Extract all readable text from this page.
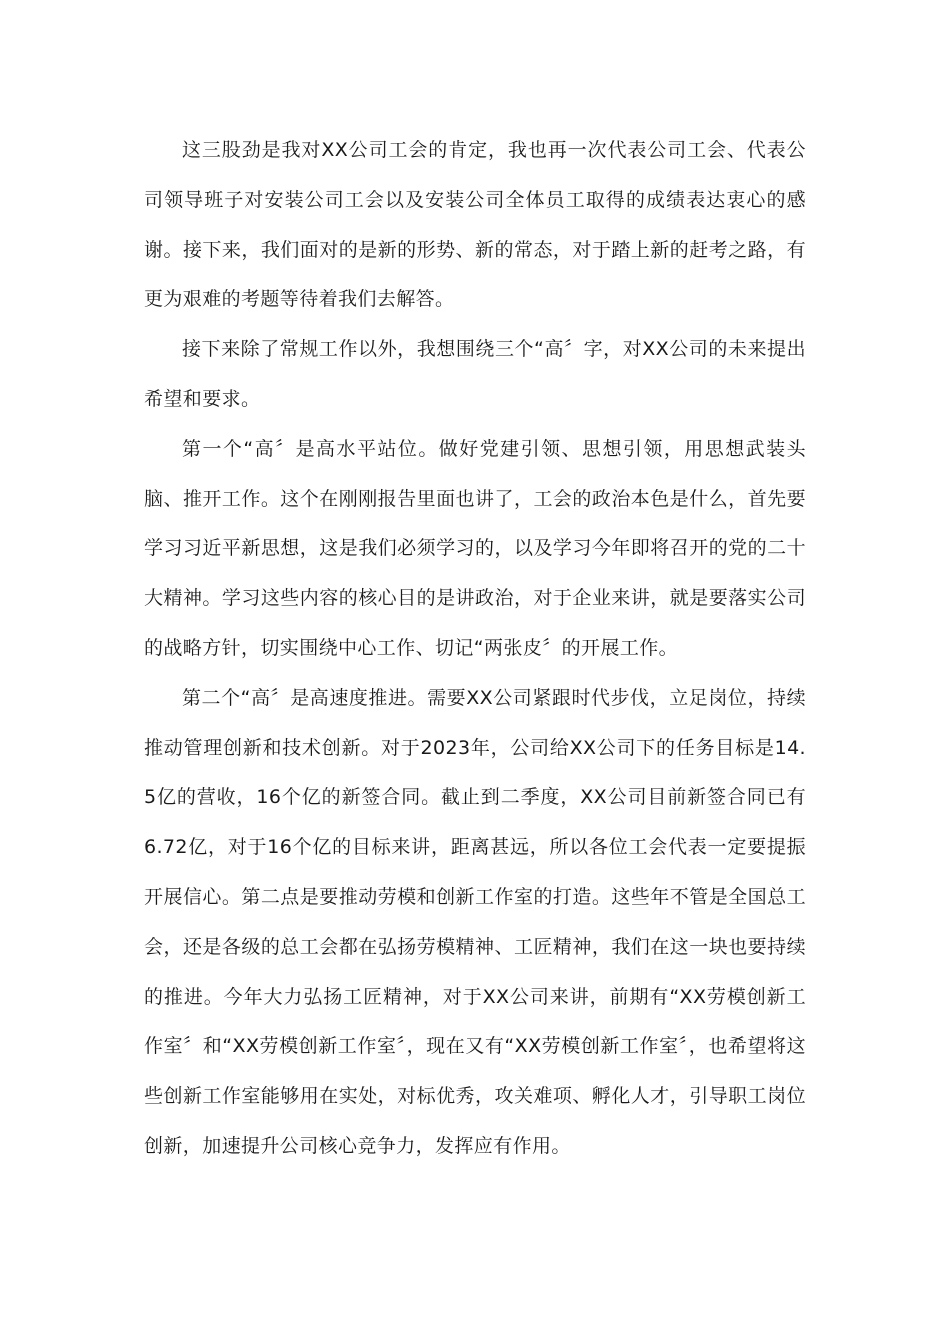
这三股劲是我对XX公司工会的肯定，我也再一次代表公司工会、代表公司领导班子对安装公司工会以及安装公司全体员工取得的成绩表达衷心的感谢。接下来，我们面对的是新的形势、新的常态，对于踏上新的赶考之路，有更为艰难的考题等待着我们去解答。

接下来除了常规工作以外，我想围绕三个“高〞字，对XX公司的未来提出希望和要求。

第一个“高〞是高水平站位。做好党建引领、思想引领，用思想武装头脑、推开工作。这个在刚刚报告里面也讲了，工会的政治本色是什么，首先要学习习近平新思想，这是我们必须学习的，以及学习今年即将召开的党的二十大精神。学习这些内容的核心目的是讲政治，对于企业来讲，就是要落实公司的战略方针，切实围绕中心工作、切记“两张皮〞的开展工作。

第二个“高〞是高速度推进。需要XX公司紧跟时代步伐，立足岗位，持续推动管理创新和技术创新。对于2023年，公司给XX公司下的任务目标是14.5亿的营收，16个亿的新签合同。截止到二季度，XX公司目前新签合同已有6.72亿，对于16个亿的目标来讲，距离甚远，所以各位工会代表一定要提振开展信心。第二点是要推动劳模和创新工作室的打造。这些年不管是全国总工会，还是各级的总工会都在弘扬劳模精神、工匠精神，我们在这一块也要持续的推进。今年大力弘扬工匠精神，对于XX公司来讲，前期有“XX劳模创新工作室〞和“XX劳模创新工作室〞，现在又有“XX劳模创新工作室〞，也希望将这些创新工作室能够用在实处，对标优秀，攻关难项、孵化人才，引导职工岗位创新，加速提升公司核心竞争力，发挥应有作用。
